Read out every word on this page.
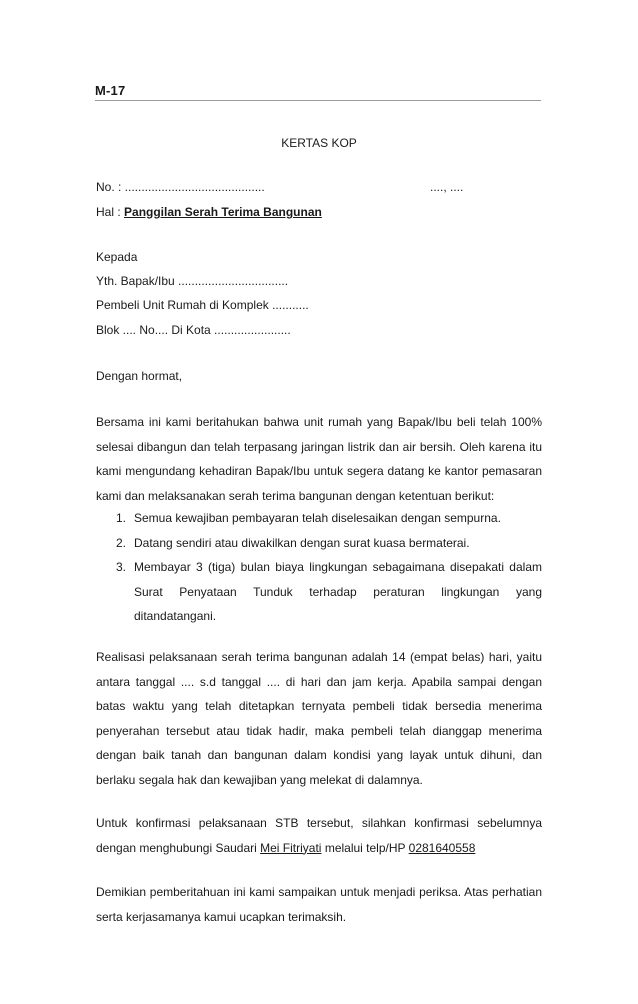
M-17
KERTAS KOP
No. : ..........................................	...., ....
Hal : Panggilan Serah Terima Bangunan
Kepada
Yth. Bapak/Ibu .................................
Pembeli Unit Rumah di Komplek ...........
Blok .... No.... Di Kota .......................
Dengan hormat,
Bersama ini kami beritahukan bahwa unit rumah yang Bapak/Ibu beli telah 100% selesai dibangun dan telah terpasang jaringan listrik dan air bersih. Oleh karena itu kami mengundang kehadiran Bapak/Ibu untuk segera datang ke kantor pemasaran kami dan melaksanakan serah terima bangunan dengan ketentuan berikut:
1. Semua kewajiban pembayaran telah diselesaikan dengan sempurna.
2. Datang sendiri atau diwakilkan dengan surat kuasa bermaterai.
3. Membayar 3 (tiga) bulan biaya lingkungan sebagaimana disepakati dalam Surat Penyataan Tunduk terhadap peraturan lingkungan yang ditandatangani.
Realisasi pelaksanaan serah terima bangunan adalah 14 (empat belas) hari, yaitu antara tanggal .... s.d tanggal .... di hari dan jam kerja. Apabila sampai dengan batas waktu yang telah ditetapkan ternyata pembeli tidak bersedia menerima penyerahan tersebut atau tidak hadir, maka pembeli telah dianggap menerima dengan baik tanah dan bangunan dalam kondisi yang layak untuk dihuni, dan berlaku segala hak dan kewajiban yang melekat di dalamnya.
Untuk konfirmasi pelaksanaan STB tersebut, silahkan konfirmasi sebelumnya dengan menghubungi Saudari Mei Fitriyati melalui telp/HP 0281640558
Demikian pemberitahuan ini kami sampaikan untuk menjadi periksa. Atas perhatian serta kerjasamanya kamui ucapkan terimaksih.
